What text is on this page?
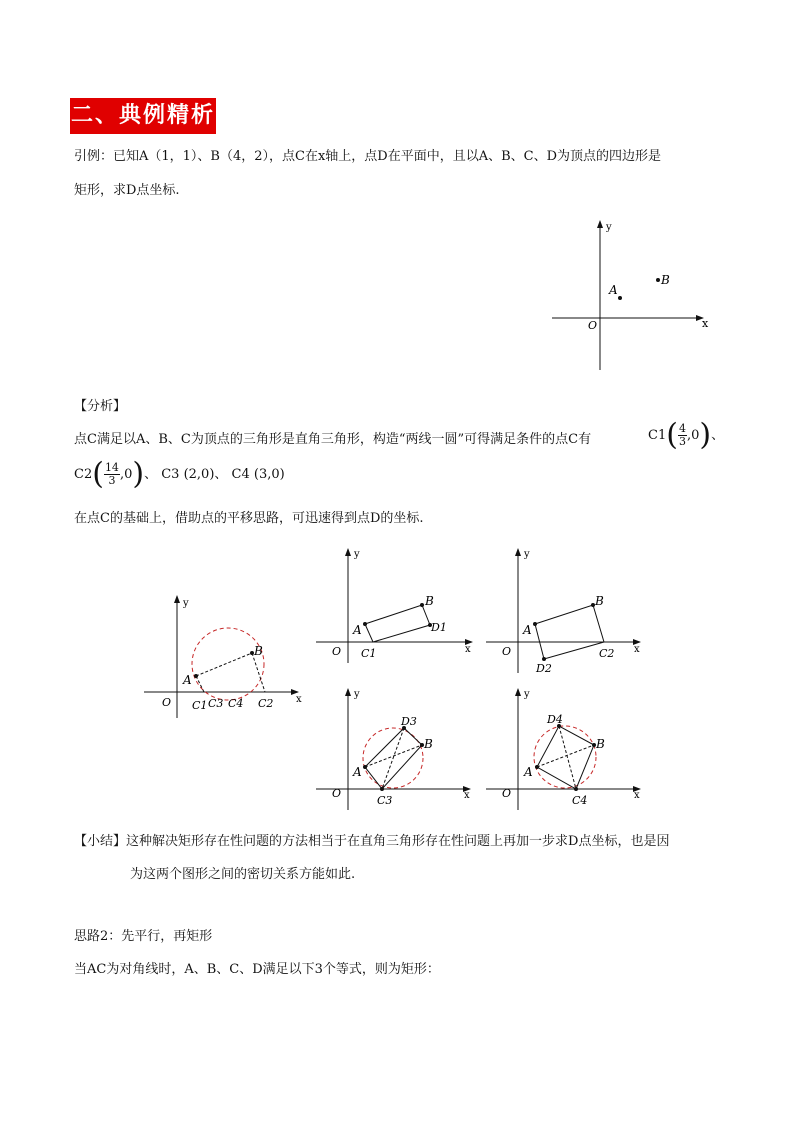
二、典例精析
引例：已知A（1，1）、B（4，2），点C在x轴上，点D在平面中，且以A、B、C、D为顶点的四边形是
矩形，求D点坐标.
x
y
O
A
B
【分析】
点C满足以A、B、C为顶点的三角形是直角三角形，构造“两线一圆”可得满足条件的点C有	$C1( \frac{4}{3} ,0)$、
$C2( \frac{14}{3} ,0)$、 C3 (2,0)、 C4 (3,0)
在点C的基础上，借助点的平移思路，可迅速得到点D的坐标.
x
y
O
A
B
C1 C3 C4 C2
x
y
O
A
B
D1
C1	x
y
O
A
B
C2
D2
x
y
O
A
B
D3
C3	x
y
O
A
B
D4
C4
【小结】这种解决矩形存在性问题的方法相当于在直角三角形存在性问题上再加一步求D点坐标，也是因
为这两个图形之间的密切关系方能如此.
思路2：先平行，再矩形
当AC为对角线时，A、B、C、D满足以下3个等式，则为矩形：
